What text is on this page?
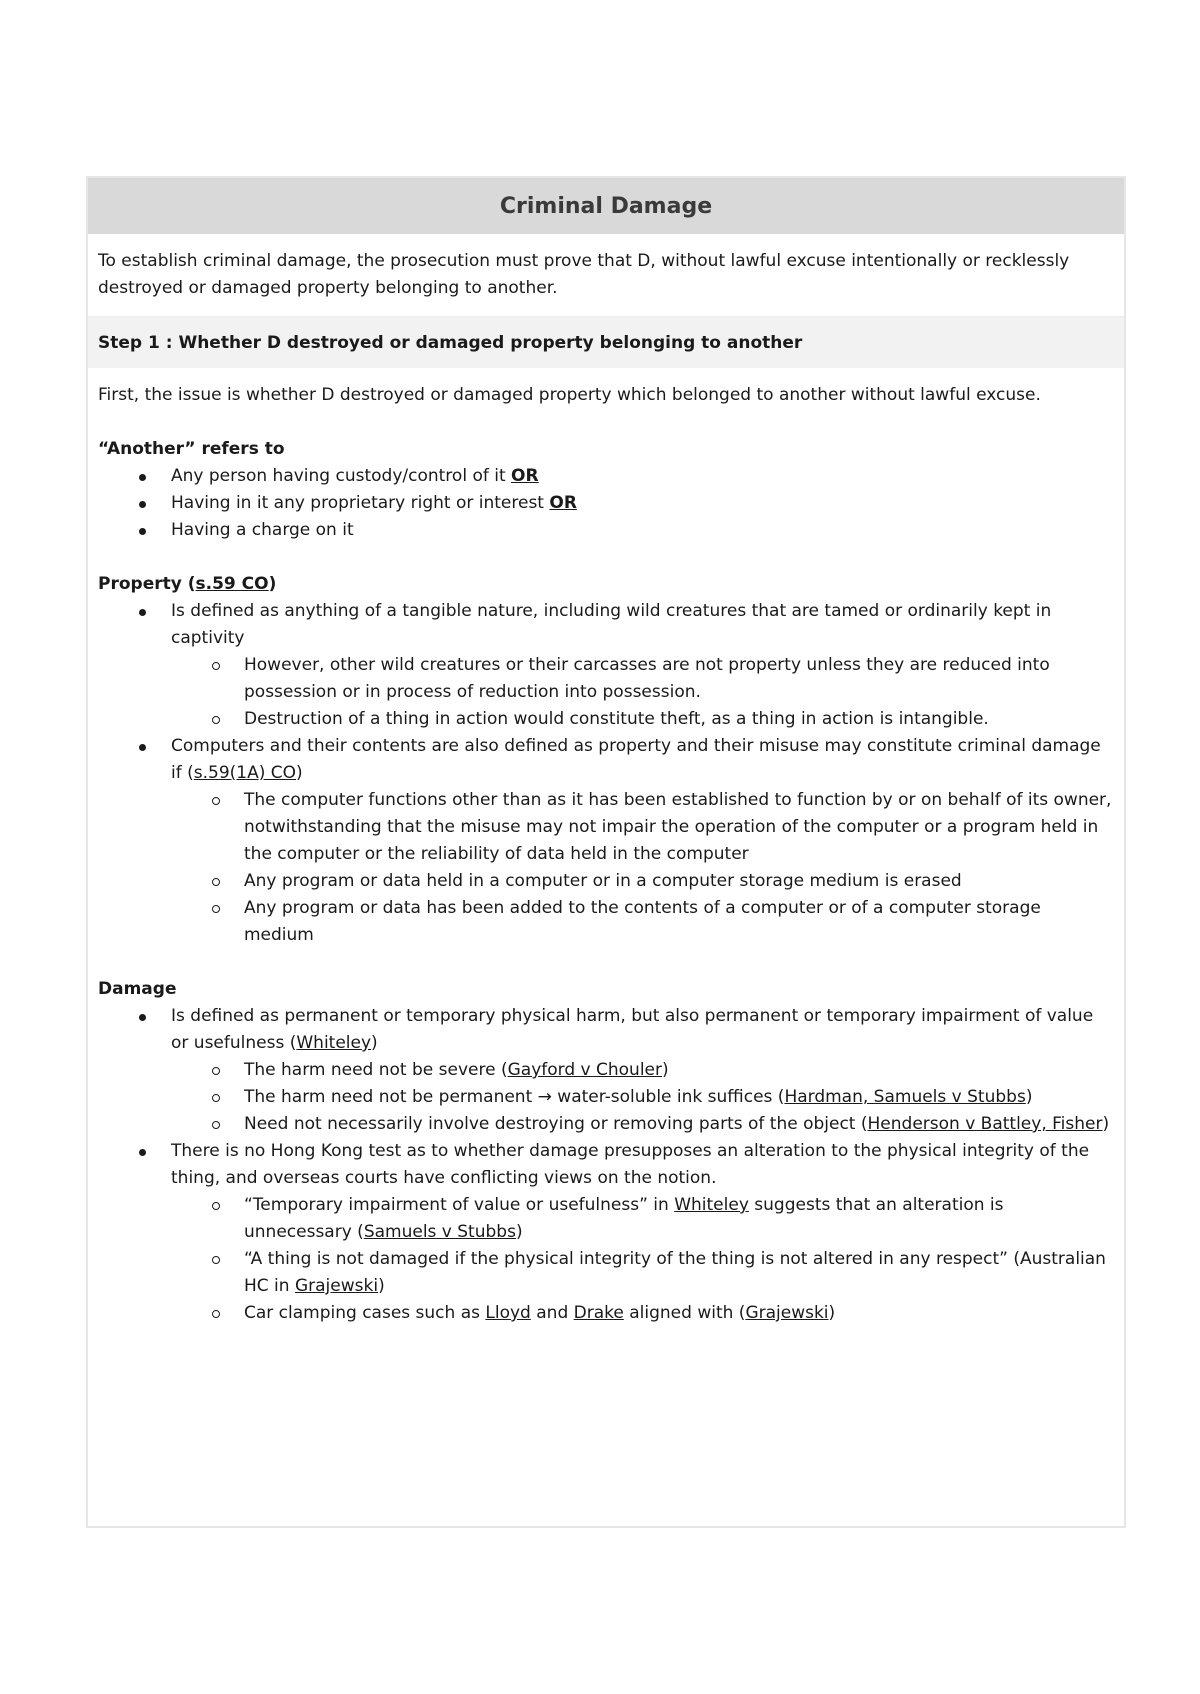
Criminal Damage
To establish criminal damage, the prosecution must prove that D, without lawful excuse intentionally or recklessly destroyed or damaged property belonging to another.
Step 1 : Whether D destroyed or damaged property belonging to another

First, the issue is whether D destroyed or damaged property which belonged to another without lawful excuse.

“Another” refers to

Any person having custody/control of it OR
Having in it any proprietary right or interest OR
Having a charge on it

Property (s.59 CO)

Is defined as anything of a tangible nature, including wild creatures that are tamed or ordinarily kept in captivity
However, other wild creatures or their carcasses are not property unless they are reduced into possession or in process of reduction into possession.
Destruction of a thing in action would constitute theft, as a thing in action is intangible.
Computers and their contents are also defined as property and their misuse may constitute criminal damage if (s.59(1A) CO)
The computer functions other than as it has been established to function by or on behalf of its owner, notwithstanding that the misuse may not impair the operation of the computer or a program held in the computer or the reliability of data held in the computer
Any program or data held in a computer or in a computer storage medium is erased
Any program or data has been added to the contents of a computer or of a computer storage medium

Damage

Is defined as permanent or temporary physical harm, but also permanent or temporary impairment of value or usefulness (Whiteley)
The harm need not be severe (Gayford v Chouler)
The harm need not be permanent → water-soluble ink suffices (Hardman, Samuels v Stubbs)
Need not necessarily involve destroying or removing parts of the object (Henderson v Battley, Fisher)
There is no Hong Kong test as to whether damage presupposes an alteration to the physical integrity of the thing, and overseas courts have conflicting views on the notion.
“Temporary impairment of value or usefulness” in Whiteley suggests that an alteration is unnecessary (Samuels v Stubbs)
“A thing is not damaged if the physical integrity of the thing is not altered in any respect” (Australian HC in Grajewski)
Car clamping cases such as Lloyd and Drake aligned with (Grajewski)
